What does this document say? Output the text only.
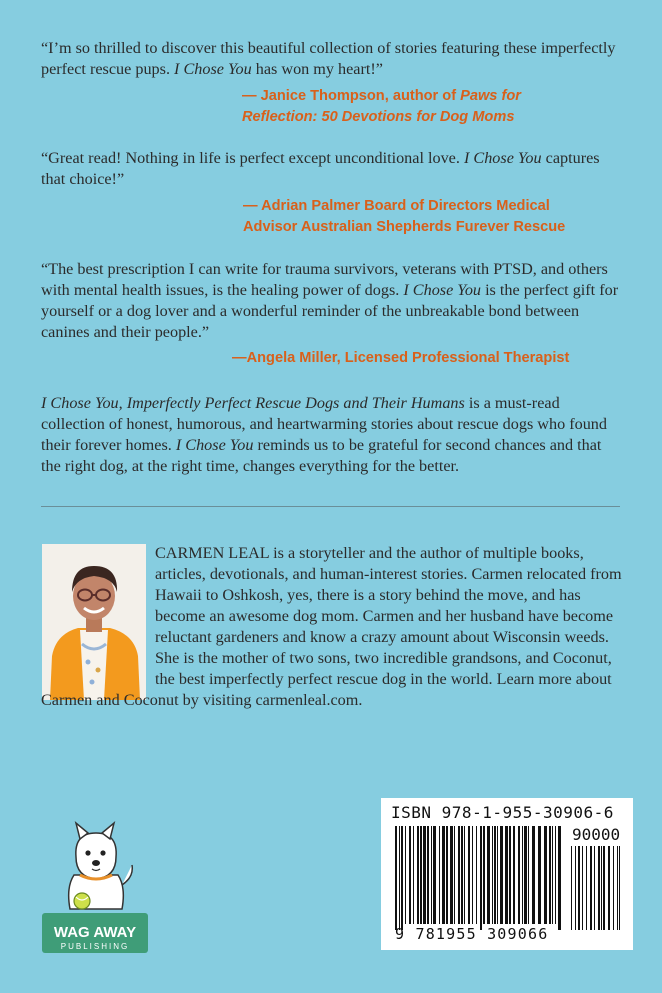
“I’m so thrilled to discover this beautiful collection of stories featuring these imperfectly perfect rescue pups. I Chose You has won my heart!”
— Janice Thompson, author of Paws for
Reflection: 50 Devotions for Dog Moms
“Great read! Nothing in life is perfect except unconditional love. I Chose You captures that choice!”
— Adrian Palmer Board of Directors Medical
Advisor Australian Shepherds Furever Rescue
“The best prescription I can write for trauma survivors, veterans with PTSD, and others with mental health issues, is the healing power of dogs. I Chose You is the perfect gift for yourself or a dog lover and a wonderful reminder of the unbreakable bond between canines and their people.”
—Angela Miller, Licensed Professional Therapist
I Chose You, Imperfectly Perfect Rescue Dogs and Their Humans is a must-read collection of honest, humorous, and heartwarming stories about rescue dogs who found their forever homes. I Chose You reminds us to be grateful for second chances and that the right dog, at the right time, changes everything for the better.
CARMEN LEAL is a storyteller and the author of multiple books, articles, devotionals, and human-interest stories. Carmen relocated from Hawaii to Oshkosh, yes, there is a story behind the move, and has become an awesome dog mom. Carmen and her husband have become reluctant gardeners and know a crazy amount about Wisconsin weeds. She is the mother of two sons, two incredible grandsons, and Coconut, the best imperfectly perfect rescue dog in the world. Learn more about Carmen and Coconut by visiting carmenleal.com.
WAG AWAY
PUBLISHING
ISBN 978-1-955-30906-6
90000
9 781955 309066
